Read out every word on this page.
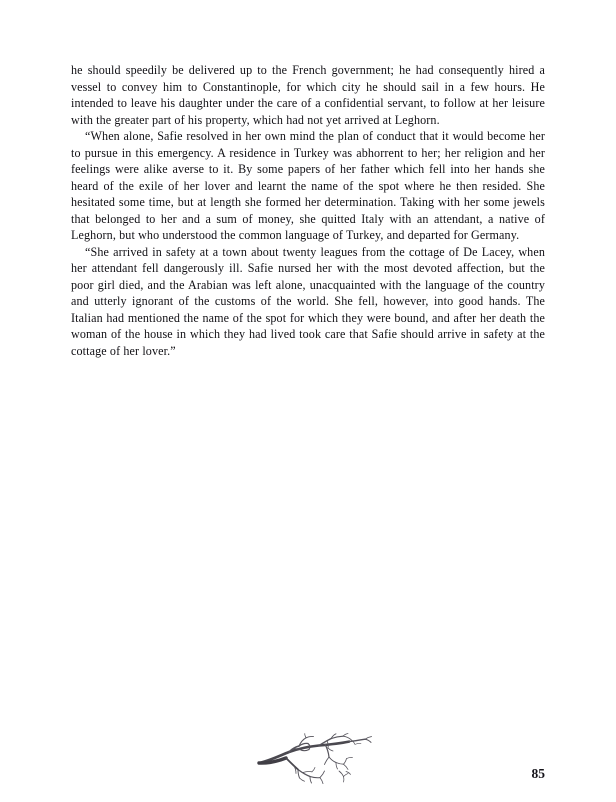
he should speedily be delivered up to the French government; he had consequently hired a vessel to convey him to Constantinople, for which city he should sail in a few hours. He intended to leave his daughter under the care of a confidential servant, to follow at her leisure with the greater part of his property, which had not yet arrived at Leghorn.

“When alone, Safie resolved in her own mind the plan of conduct that it would become her to pursue in this emergency. A residence in Turkey was abhorrent to her; her religion and her feelings were alike averse to it. By some papers of her father which fell into her hands she heard of the exile of her lover and learnt the name of the spot where he then resided. She hesitated some time, but at length she formed her determination. Taking with her some jewels that belonged to her and a sum of money, she quitted Italy with an attendant, a native of Leghorn, but who understood the common language of Turkey, and departed for Germany.

“She arrived in safety at a town about twenty leagues from the cottage of De Lacey, when her attendant fell dangerously ill. Safie nursed her with the most devoted affection, but the poor girl died, and the Arabian was left alone, unacquainted with the language of the country and utterly ignorant of the customs of the world. She fell, however, into good hands. The Italian had mentioned the name of the spot for which they were bound, and after her death the woman of the house in which they had lived took care that Safie should arrive in safety at the cottage of her lover.”

85
